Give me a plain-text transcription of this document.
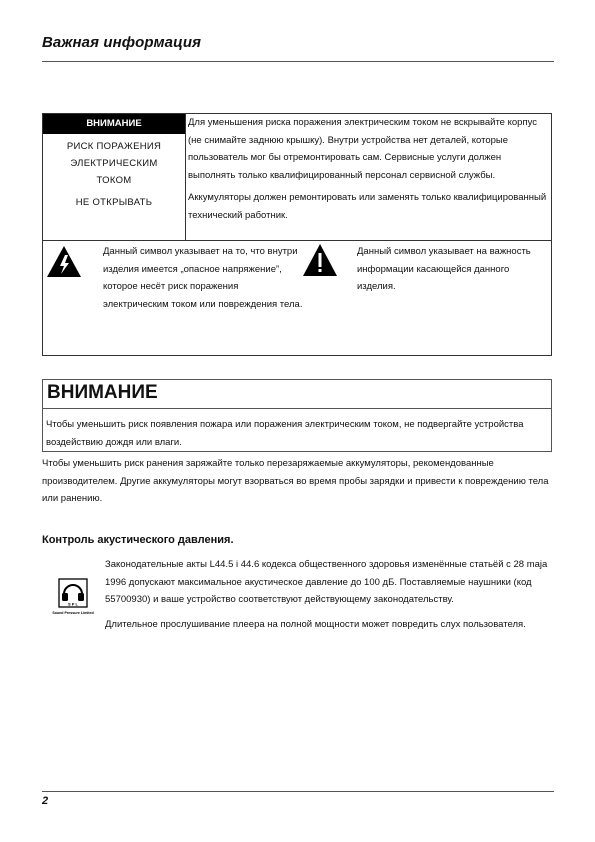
Важная информация
ВНИМАНИЕ
РИСК ПОРАЖЕНИЯ
ЭЛЕКТРИЧЕСКИМ
ТОКОМ
НЕ ОТКРЫВАТЬ

Для уменьшения риска поражения электрическим током не вскрывайте корпус (не снимайте заднюю крышку). Внутри устройства нет деталей, которые пользователь мог бы отремонтировать сам. Сервисные услуги должен выполнять только квалифицированный персонал сервисной службы.

Аккумуляторы должен ремонтировать или заменять только квалифицированный технический работник.

Данный символ указывает на то, что внутри изделия имеется „опасное напряжение”, которое несёт риск поражения электрическим током или повреждения тела.
Данный символ указывает на важность информации касающейся данного изделия.
ВНИМАНИЕ
Чтобы уменьшить риск появления пожара или поражения электрическим током, не подвергайте устройства воздействию дождя или влаги.
Чтобы уменьшить риск ранения заряжайте только перезаряжаемые аккумуляторы, рекомендованные производителем. Другие аккумуляторы могут взорваться во время пробы зарядки и привести к повреждению тела или ранению.
Контроль акустического давления.
S P L
Sound Pressure Limited

Законодательные акты L44.5 i 44.6 кодекса общественного здоровья изменённые статьёй с 28 maja 1996 допускают максимальное акустическое давление до 100 дБ. Поставляемые наушники (код 55700930) и ваше устройство соответствуют действующему законодательству.

Длительное прослушивание плеера на полной мощности может повредить слух пользователя.

2
